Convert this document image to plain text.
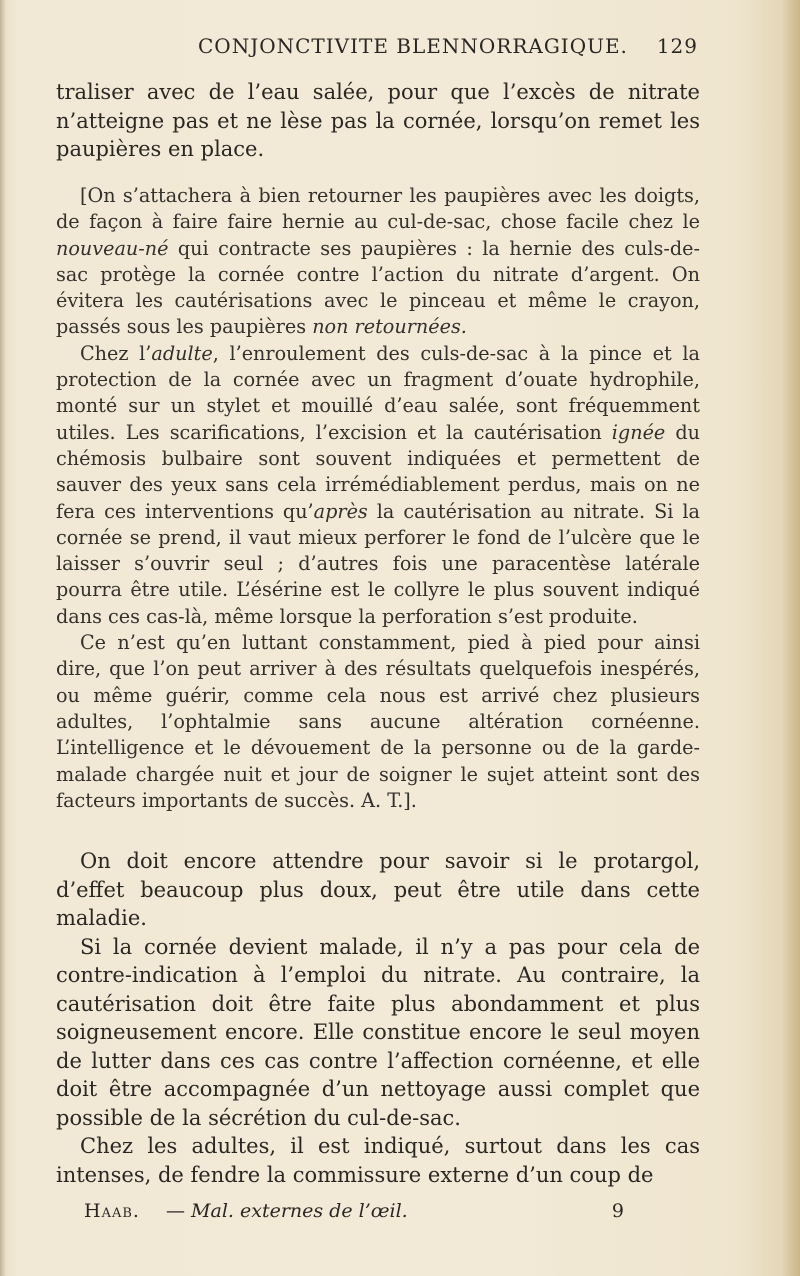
CONJONCTIVITE BLENNORRAGIQUE. 129

traliser avec de l’eau salée, pour que l’excès de nitrate n’atteigne pas et ne lèse pas la cornée, lorsqu’on remet les paupières en place.

[On s’attachera à bien retourner les paupières avec les doigts, de façon à faire faire hernie au cul-de-sac, chose facile chez le nouveau-né qui contracte ses paupières : la hernie des culs-de-sac protège la cornée contre l’action du nitrate d’argent. On évitera les cautérisations avec le pinceau et même le crayon, passés sous les paupières non retournées.

Chez l’adulte, l’enroulement des culs-de-sac à la pince et la protection de la cornée avec un fragment d’ouate hydrophile, monté sur un stylet et mouillé d’eau salée, sont fréquemment utiles. Les scarifications, l’excision et la cautérisation ignée du chémosis bulbaire sont souvent indiquées et permettent de sauver des yeux sans cela irrémédiablement perdus, mais on ne fera ces interventions qu’après la cautérisation au nitrate. Si la cornée se prend, il vaut mieux perforer le fond de l’ulcère que le laisser s’ouvrir seul ; d’autres fois une paracentèse latérale pourra être utile. L’ésérine est le collyre le plus souvent indiqué dans ces cas-là, même lorsque la perforation s’est produite.

Ce n’est qu’en luttant constamment, pied à pied pour ainsi dire, que l’on peut arriver à des résultats quelquefois inespérés, ou même guérir, comme cela nous est arrivé chez plusieurs adultes, l’ophtalmie sans aucune altération cornéenne. L’intelligence et le dévouement de la personne ou de la garde-malade chargée nuit et jour de soigner le sujet atteint sont des facteurs importants de succès. A. T.].

On doit encore attendre pour savoir si le protargol, d’effet beaucoup plus doux, peut être utile dans cette maladie.

Si la cornée devient malade, il n’y a pas pour cela de contre-indication à l’emploi du nitrate. Au contraire, la cautérisation doit être faite plus abondamment et plus soigneusement encore. Elle constitue encore le seul moyen de lutter dans ces cas contre l’affection cornéenne, et elle doit être accompagnée d’un nettoyage aussi complet que possible de la sécrétion du cul-de-sac.

Chez les adultes, il est indiqué, surtout dans les cas intenses, de fendre la commissure externe d’un coup de

Haab. — Mal. externes de l’œil.	9
